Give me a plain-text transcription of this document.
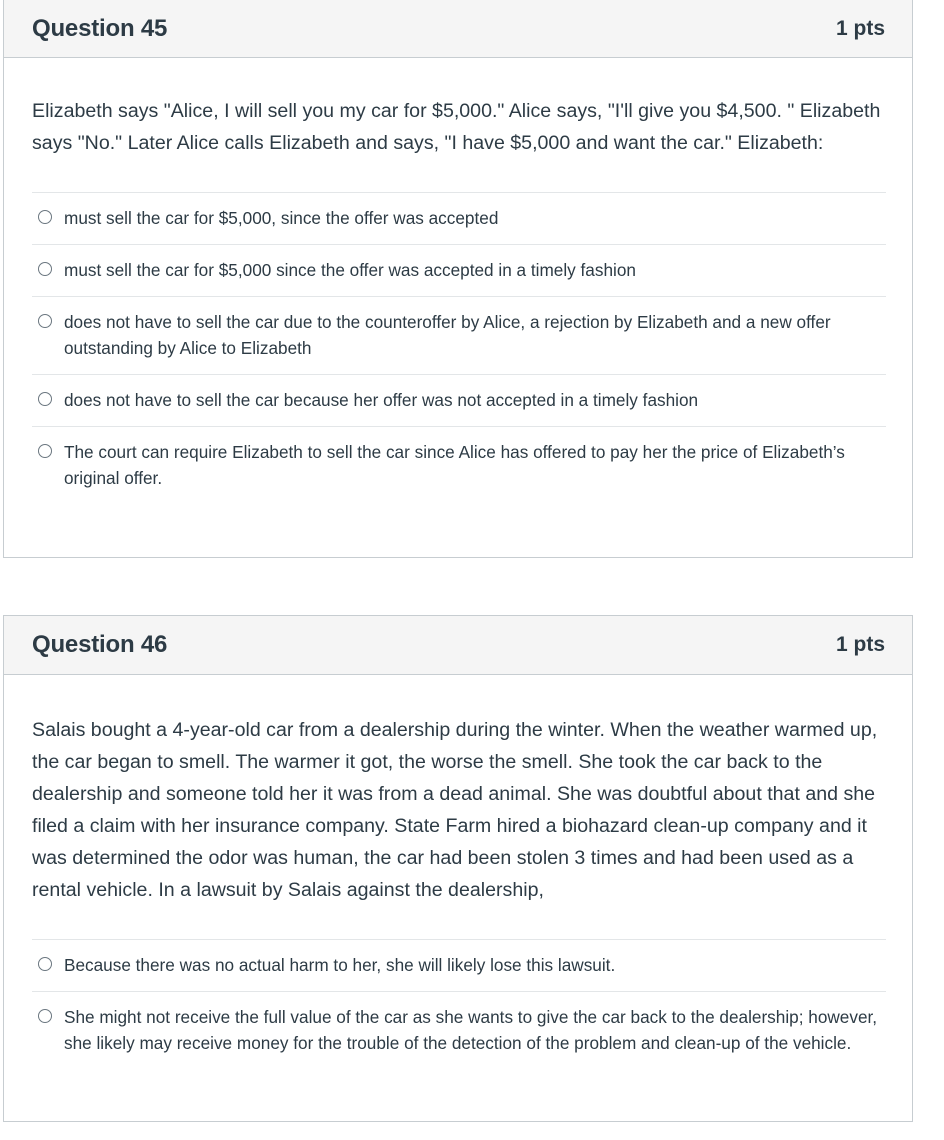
Question 45	1 pts

Elizabeth says "Alice, I will sell you my car for $5,000." Alice says, "I'll give you $4,500. " Elizabeth says "No." Later Alice calls Elizabeth and says, "I have $5,000 and want the car." Elizabeth:

must sell the car for $5,000, since the offer was accepted
must sell the car for $5,000 since the offer was accepted in a timely fashion
does not have to sell the car due to the counteroffer by Alice, a rejection by Elizabeth and a new offer outstanding by Alice to Elizabeth
does not have to sell the car because her offer was not accepted in a timely fashion
The court can require Elizabeth to sell the car since Alice has offered to pay her the price of Elizabeth’s original offer.
Question 46	1 pts

Salais bought a 4-year-old car from a dealership during the winter. When the weather warmed up, the car began to smell. The warmer it got, the worse the smell. She took the car back to the dealership and someone told her it was from a dead animal. She was doubtful about that and she filed a claim with her insurance company. State Farm hired a biohazard clean-up company and it was determined the odor was human, the car had been stolen 3 times and had been used as a rental vehicle. In a lawsuit by Salais against the dealership,

Because there was no actual harm to her, she will likely lose this lawsuit.
She might not receive the full value of the car as she wants to give the car back to the dealership; however, she likely may receive money for the trouble of the detection of the problem and clean-up of the vehicle.
